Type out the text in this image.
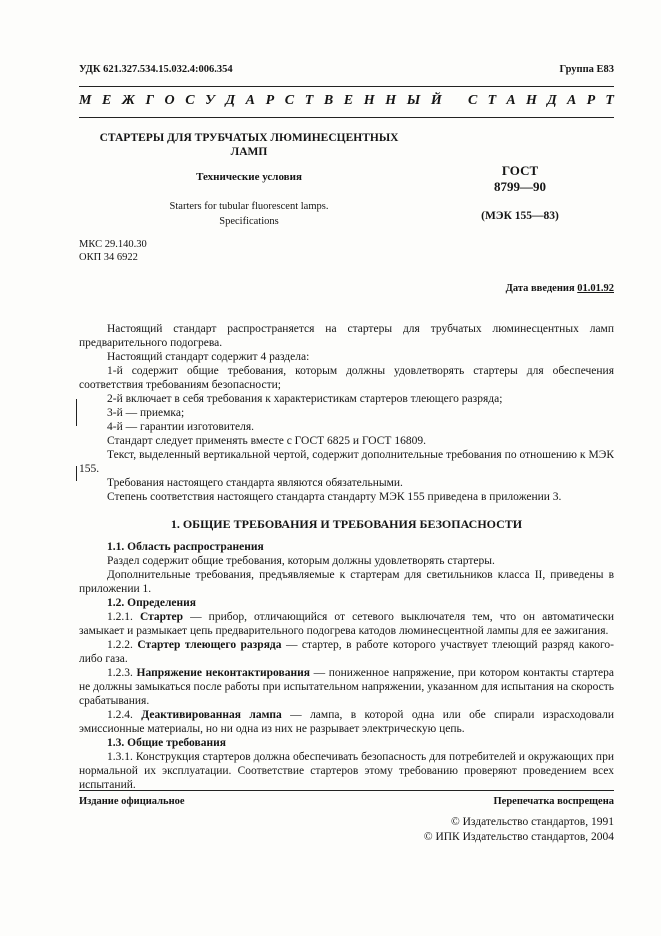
УДК 621.327.534.15.032.4:006.354	Группа Е83
М Е Ж Г О С У Д А Р С Т В Е Н Н Ы Й С Т А Н Д А Р Т
СТАРТЕРЫ ДЛЯ ТРУБЧАТЫХ ЛЮМИНЕСЦЕНТНЫХ
ЛАМП
Технические условия
Starters for tubular fluorescent lamps.
Specifications
ГОСТ
8799—90
(МЭК 155—83)
МКС 29.140.30
ОКП 34 6922
Дата введения 01.01.92

Настоящий стандарт распространяется на стартеры для трубчатых люминесцентных ламп предварительного подогрева.

Настоящий стандарт содержит 4 раздела:

1-й содержит общие требования, которым должны удовлетворять стартеры для обеспечения соответствия требованиям безопасности;

2-й включает в себя требования к характеристикам стартеров тлеющего разряда;

3-й — приемка;

4-й — гарантии изготовителя.

Стандарт следует применять вместе с ГОСТ 6825 и ГОСТ 16809.

Текст, выделенный вертикальной чертой, содержит дополнительные требования по отношению к МЭК 155.

Требования настоящего стандарта являются обязательными.

Степень соответствия настоящего стандарта стандарту МЭК 155 приведена в приложении 3.

1. ОБЩИЕ ТРЕБОВАНИЯ И ТРЕБОВАНИЯ БЕЗОПАСНОСТИ

1.1. Область распространения

Раздел содержит общие требования, которым должны удовлетворять стартеры.

Дополнительные требования, предъявляемые к стартерам для светильников класса II, приведены в приложении 1.

1.2. Определения

1.2.1. Стартер — прибор, отличающийся от сетевого выключателя тем, что он автоматически замыкает и размыкает цепь предварительного подогрева катодов люминесцентной лампы для ее зажигания.

1.2.2. Стартер тлеющего разряда — стартер, в работе которого участвует тлеющий разряд какого-либо газа.

1.2.3. Напряжение неконтактирования — пониженное напряжение, при котором контакты стартера не должны замыкаться после работы при испытательном напряжении, указанном для испытания на скорость срабатывания.

1.2.4. Деактивированная лампа — лампа, в которой одна или обе спирали израсходовали эмиссионные материалы, но ни одна из них не разрывает электрическую цепь.

1.3. Общие требования

1.3.1. Конструкция стартеров должна обеспечивать безопасность для потребителей и окружающих при нормальной их эксплуатации. Соответствие стартеров этому требованию проверяют проведением всех испытаний.

Издание официальное	Перепечатка воспрещена
© Издательство стандартов, 1991
© ИПК Издательство стандартов, 2004
